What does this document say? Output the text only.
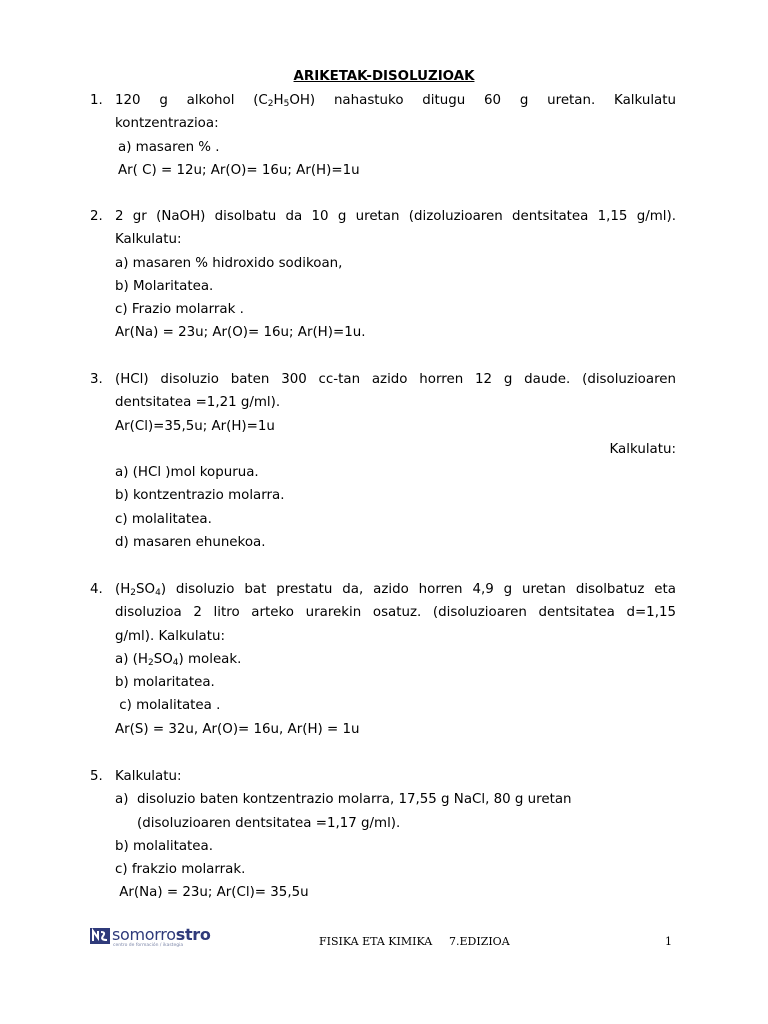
ARIKETAK-DISOLUZIOAK
1. 120 g alkohol $(C_2H_5OH)$ nahastuko ditugu 60 g uretan. Kalkulatu
kontzentrazioa:
a) masaren % .
Ar( C) = 12u; Ar(O)= 16u; Ar(H)=1u
2. 2 gr (NaOH) disolbatu da 10 g uretan (dizoluzioaren dentsitatea 1,15 g/ml).
Kalkulatu:
a) masaren % hidroxido sodikoan,
b) Molaritatea.
c) Frazio molarrak .
Ar(Na) = 23u; Ar(O)= 16u; Ar(H)=1u.
3. (HCl) disoluzio baten 300 cc-tan azido horren 12 g daude. (disoluzioaren
dentsitatea =1,21 g/ml).
Ar(Cl)=35,5u; Ar(H)=1u
Kalkulatu:
a) (HCl )mol kopurua.
b) kontzentrazio molarra.
c) molalitatea.
d) masaren ehunekoa.
4. $(H_2SO_4)$ disoluzio bat prestatu da, azido horren 4,9 g uretan disolbatuz eta
disoluzioa 2 litro arteko urarekin osatuz. (disoluzioaren dentsitatea d=1,15
g/ml). Kalkulatu:
a) $(H_2SO_4)$ moleak.
b) molaritatea.
c) molalitatea .
Ar(S) = 32u, Ar(O)= 16u, Ar(H) = 1u
5. Kalkulatu:
a)  disoluzio baten kontzentrazio molarra, 17,55 g NaCl, 80 g uretan
(disoluzioaren dentsitatea =1,17 g/ml).
b) molalitatea.
c) frakzio molarrak.
Ar(Na) = 23u; Ar(Cl)= 35,5u
somorrostro
centro de formación / ikastegia	FISIKA ETA KIMIKA 7.EDIZIOA	1
